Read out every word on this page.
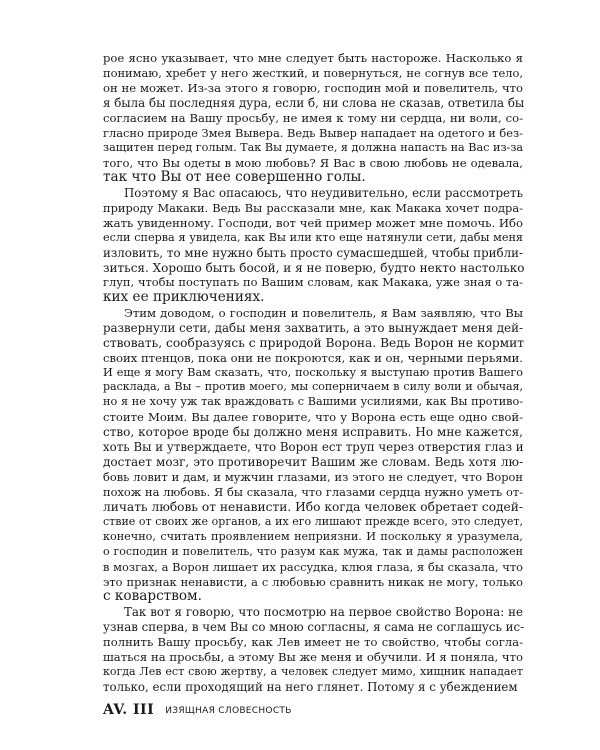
рое ясно указывает, что мне следует быть настороже. Насколько я
понимаю, хребет у него жесткий, и повернуться, не согнув все тело,
он не может. Из-за этого я говорю, господин мой и повелитель, что
я была бы последняя дура, если б, ни слова не сказав, ответила бы
согласием на Вашу просьбу, не имея к тому ни сердца, ни воли, со-
гласно природе Змея Вывера. Ведь Вывер нападает на одетого и без-
защитен перед голым. Так Вы думаете, я должна напасть на Вас из-за
того, что Вы одеты в мою любовь? Я Вас в свою любовь не одевала,
так что Вы от нее совершенно голы.
Поэтому я Вас опасаюсь, что неудивительно, если рассмотреть
природу Макаки. Ведь Вы рассказали мне, как Макака хочет подра-
жать увиденному. Господи, вот чей пример может мне помочь. Ибо
если сперва я увидела, как Вы или кто еще натянули сети, дабы меня
изловить, то мне нужно быть просто сумасшедшей, чтобы прибли-
зиться. Хорошо быть босой, и я не поверю, будто некто настолько
глуп, чтобы поступать по Вашим словам, как Макака, уже зная о та-
ких ее приключениях.
Этим доводом, о господин и повелитель, я Вам заявляю, что Вы
развернули сети, дабы меня захватить, а это вынуждает меня дей-
ствовать, сообразуясь с природой Ворона. Ведь Ворон не кормит
своих птенцов, пока они не покроются, как и он, черными перьями.
И еще я могу Вам сказать, что, поскольку я выступаю против Вашего
расклада, а Вы – против моего, мы соперничаем в силу воли и обычая,
но я не хочу уж так враждовать с Вашими усилиями, как Вы противо-
стоите Моим. Вы далее говорите, что у Ворона есть еще одно свой-
ство, которое вроде бы должно меня исправить. Но мне кажется,
хоть Вы и утверждаете, что Ворон ест труп через отверстия глаз и
достает мозг, это противоречит Вашим же словам. Ведь хотя лю-
бовь ловит и дам, и мужчин глазами, из этого не следует, что Ворон
похож на любовь. Я бы сказала, что глазами сердца нужно уметь от-
личать любовь от ненависти. Ибо когда человек обретает содей-
ствие от своих же органов, а их его лишают прежде всего, это следует,
конечно, считать проявлением неприязни. И поскольку я уразумела,
о господин и повелитель, что разум как мужа, так и дамы расположен
в мозгах, а Ворон лишает их рассудка, клюя глаза, я бы сказала, что
это признак ненависти, а с любовью сравнить никак не могу, только
с коварством.
Так вот я говорю, что посмотрю на первое свойство Ворона: не
узнав сперва, в чем Вы со мною согласны, я сама не соглашусь ис-
полнить Вашу просьбу, как Лев имеет не то свойство, чтобы согла-
шаться на просьбы, а этому Вы же меня и обучили. И я поняла, что
когда Лев ест свою жертву, а человек следует мимо, хищник нападает
только, если проходящий на него глянет. Потому я с убеждением
AV. III ИЗЯЩНАЯ СЛОВЕСНОСТЬ
